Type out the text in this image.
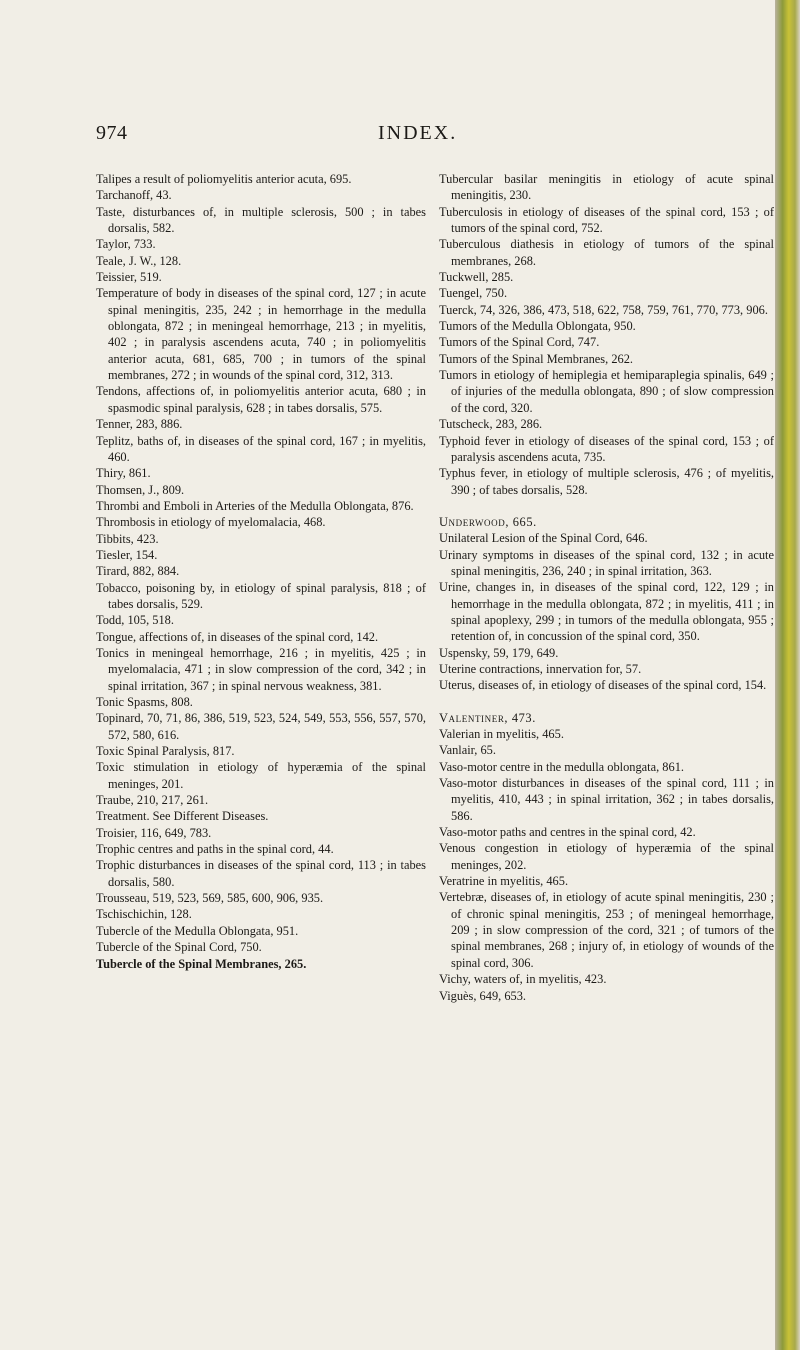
974	INDEX.

Talipes a result of poliomyelitis anterior acuta, 695.

Tarchanoff, 43.

Taste, disturbances of, in multiple sclerosis, 500 ; in tabes dorsalis, 582.

Taylor, 733.

Teale, J. W., 128.

Teissier, 519.

Temperature of body in diseases of the spinal cord, 127 ; in acute spinal meningitis, 235, 242 ; in hemorrhage in the medulla oblongata, 872 ; in meningeal hemorrhage, 213 ; in myelitis, 402 ; in paralysis ascendens acuta, 740 ; in poliomyelitis anterior acuta, 681, 685, 700 ; in tumors of the spinal membranes, 272 ; in wounds of the spinal cord, 312, 313.

Tendons, affections of, in poliomyelitis anterior acuta, 680 ; in spasmodic spinal paralysis, 628 ; in tabes dorsalis, 575.

Tenner, 283, 886.

Teplitz, baths of, in diseases of the spinal cord, 167 ; in myelitis, 460.

Thiry, 861.

Thomsen, J., 809.

Thrombi and Emboli in Arteries of the Medulla Oblongata, 876.

Thrombosis in etiology of myelomalacia, 468.

Tibbits, 423.

Tiesler, 154.

Tirard, 882, 884.

Tobacco, poisoning by, in etiology of spinal paralysis, 818 ; of tabes dorsalis, 529.

Todd, 105, 518.

Tongue, affections of, in diseases of the spinal cord, 142.

Tonics in meningeal hemorrhage, 216 ; in myelitis, 425 ; in myelomalacia, 471 ; in slow compression of the cord, 342 ; in spinal irritation, 367 ; in spinal nervous weakness, 381.

Tonic Spasms, 808.

Topinard, 70, 71, 86, 386, 519, 523, 524, 549, 553, 556, 557, 570, 572, 580, 616.

Toxic Spinal Paralysis, 817.

Toxic stimulation in etiology of hyperæmia of the spinal meninges, 201.

Traube, 210, 217, 261.

Treatment. See Different Diseases.

Troisier, 116, 649, 783.

Trophic centres and paths in the spinal cord, 44.

Trophic disturbances in diseases of the spinal cord, 113 ; in tabes dorsalis, 580.

Trousseau, 519, 523, 569, 585, 600, 906, 935.

Tschischichin, 128.

Tubercle of the Medulla Oblongata, 951.

Tubercle of the Spinal Cord, 750.

Tubercle of the Spinal Membranes, 265.

Tubercular basilar meningitis in etiology of acute spinal meningitis, 230.

Tuberculosis in etiology of diseases of the spinal cord, 153 ; of tumors of the spinal cord, 752.

Tuberculous diathesis in etiology of tumors of the spinal membranes, 268.

Tuckwell, 285.

Tuengel, 750.

Tuerck, 74, 326, 386, 473, 518, 622, 758, 759, 761, 770, 773, 906.

Tumors of the Medulla Oblongata, 950.

Tumors of the Spinal Cord, 747.

Tumors of the Spinal Membranes, 262.

Tumors in etiology of hemiplegia et hemiparaplegia spinalis, 649 ; of injuries of the medulla oblongata, 890 ; of slow compression of the cord, 320.

Tutscheck, 283, 286.

Typhoid fever in etiology of diseases of the spinal cord, 153 ; of paralysis ascendens acuta, 735.

Typhus fever, in etiology of multiple sclerosis, 476 ; of myelitis, 390 ; of tabes dorsalis, 528.

Underwood, 665.

Unilateral Lesion of the Spinal Cord, 646.

Urinary symptoms in diseases of the spinal cord, 132 ; in acute spinal meningitis, 236, 240 ; in spinal irritation, 363.

Urine, changes in, in diseases of the spinal cord, 122, 129 ; in hemorrhage in the medulla oblongata, 872 ; in myelitis, 411 ; in spinal apoplexy, 299 ; in tumors of the medulla oblongata, 955 ; retention of, in concussion of the spinal cord, 350.

Uspensky, 59, 179, 649.

Uterine contractions, innervation for, 57.

Uterus, diseases of, in etiology of diseases of the spinal cord, 154.

Valentiner, 473.

Valerian in myelitis, 465.

Vanlair, 65.

Vaso-motor centre in the medulla oblongata, 861.

Vaso-motor disturbances in diseases of the spinal cord, 111 ; in myelitis, 410, 443 ; in spinal irritation, 362 ; in tabes dorsalis, 586.

Vaso-motor paths and centres in the spinal cord, 42.

Venous congestion in etiology of hyperæmia of the spinal meninges, 202.

Veratrine in myelitis, 465.

Vertebræ, diseases of, in etiology of acute spinal meningitis, 230 ; of chronic spinal meningitis, 253 ; of meningeal hemorrhage, 209 ; in slow compression of the cord, 321 ; of tumors of the spinal membranes, 268 ; injury of, in etiology of wounds of the spinal cord, 306.

Vichy, waters of, in myelitis, 423.

Viguès, 649, 653.
